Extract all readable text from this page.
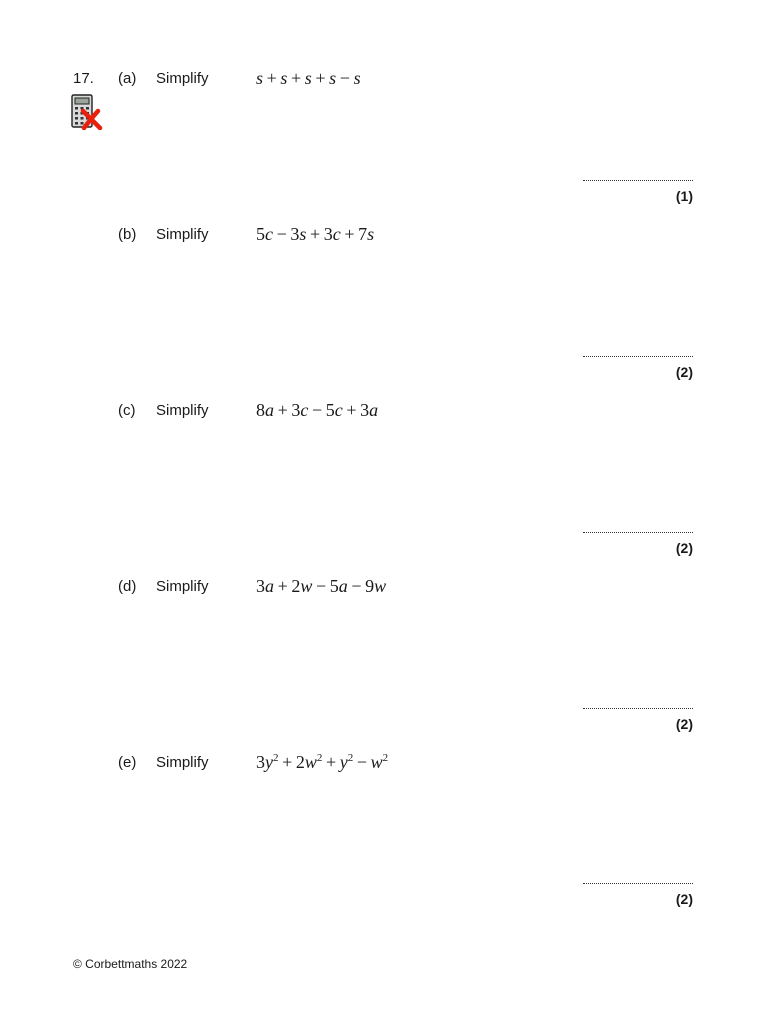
17. (a) Simplify	s  +  s  +  s  +  s  −  s
(1)
(b) Simplify	5c  −  3s  +  3c  +  7s
(2)
(c) Simplify	8a  +  3c  −  5c  +  3a
(2)
(d) Simplify	3a  +  2w  −  5a  −  9w
(2)
(e) Simplify	$3y^2 + 2w^2 + y^2 - w^2$
(2)
© Corbettmaths 2022
